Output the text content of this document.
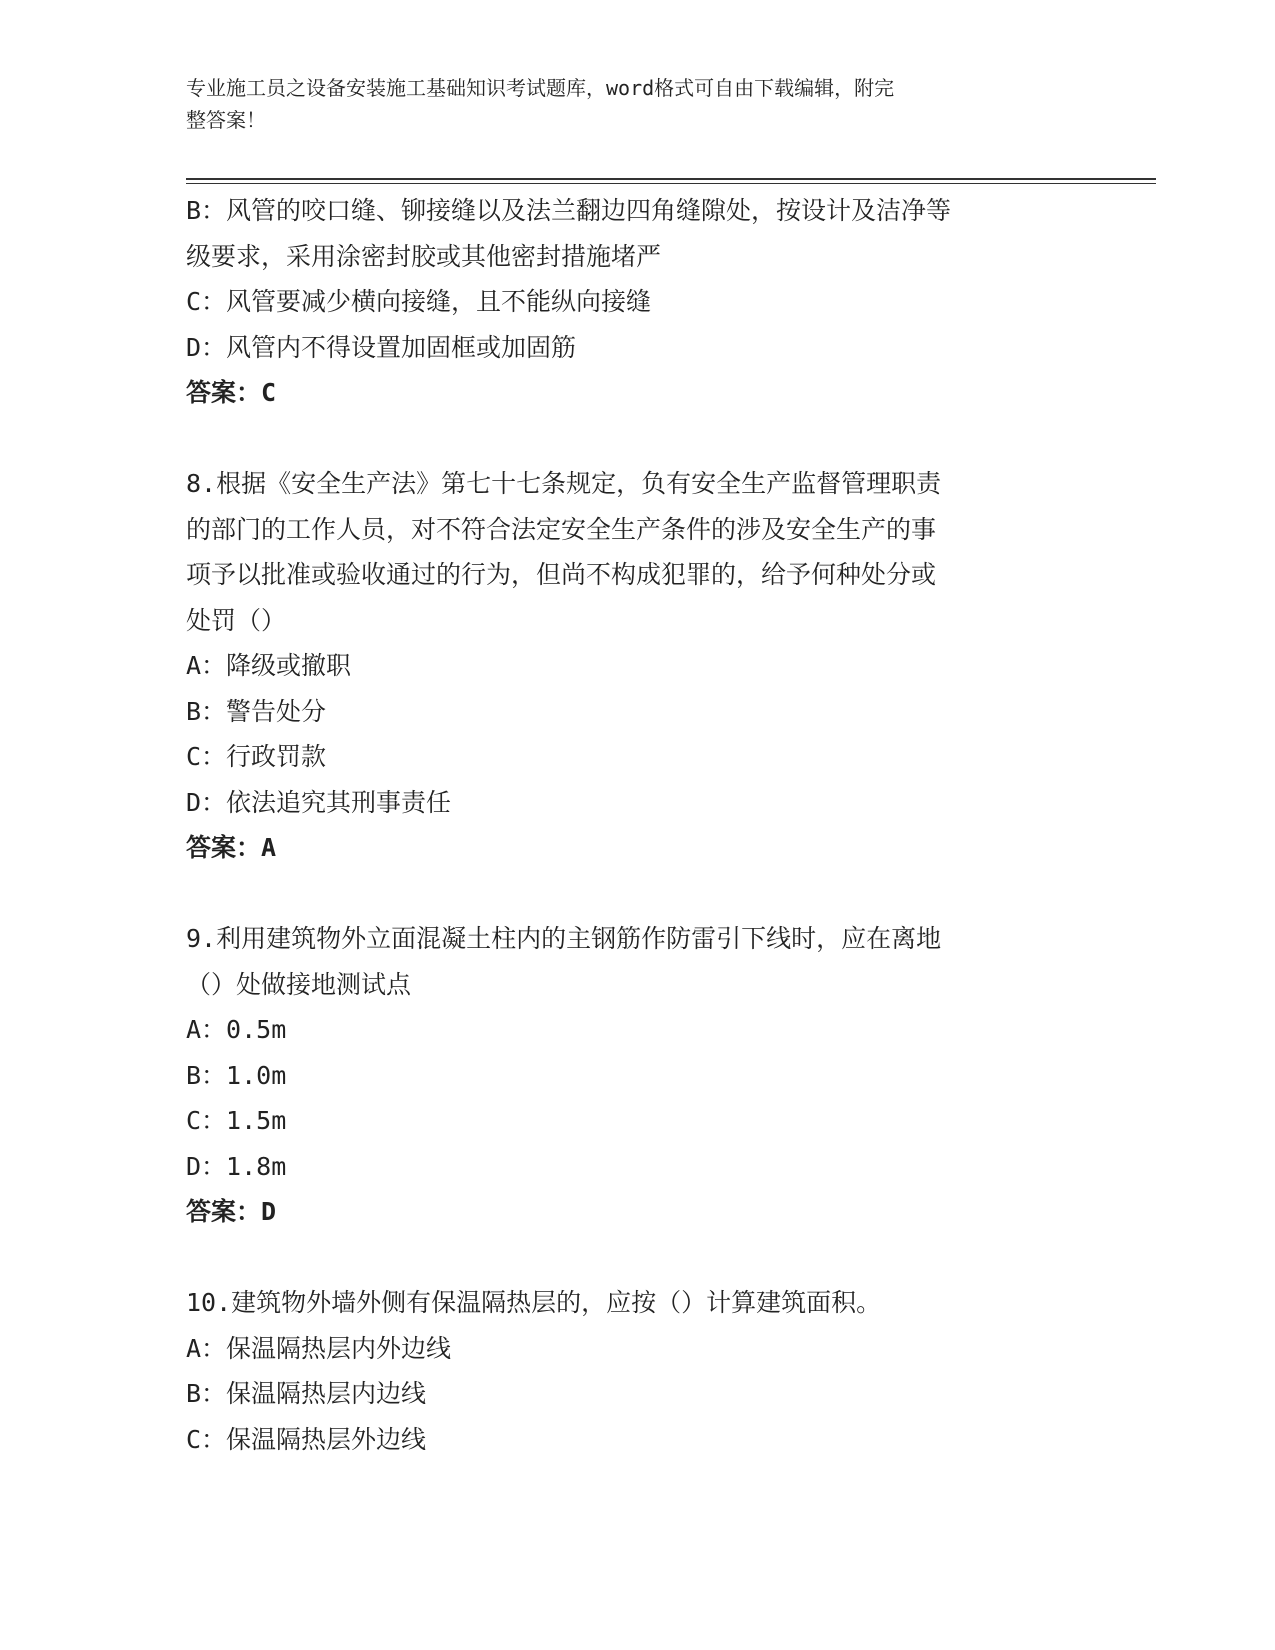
专业施工员之设备安装施工基础知识考试题库，word格式可自由下载编辑，附完
整答案！
B：风管的咬口缝、铆接缝以及法兰翻边四角缝隙处，按设计及洁净等
级要求，采用涂密封胶或其他密封措施堵严
C：风管要减少横向接缝，且不能纵向接缝
D：风管内不得设置加固框或加固筋
答案：C
8.根据《安全生产法》第七十七条规定，负有安全生产监督管理职责
的部门的工作人员，对不符合法定安全生产条件的涉及安全生产的事
项予以批准或验收通过的行为，但尚不构成犯罪的，给予何种处分或
处罚（）
A：降级或撤职
B：警告处分
C：行政罚款
D：依法追究其刑事责任
答案：A
9.利用建筑物外立面混凝土柱内的主钢筋作防雷引下线时，应在离地
（）处做接地测试点
A：0.5m
B：1.0m
C：1.5m
D：1.8m
答案：D
10.建筑物外墙外侧有保温隔热层的，应按（）计算建筑面积。
A：保温隔热层内外边线
B：保温隔热层内边线
C：保温隔热层外边线
